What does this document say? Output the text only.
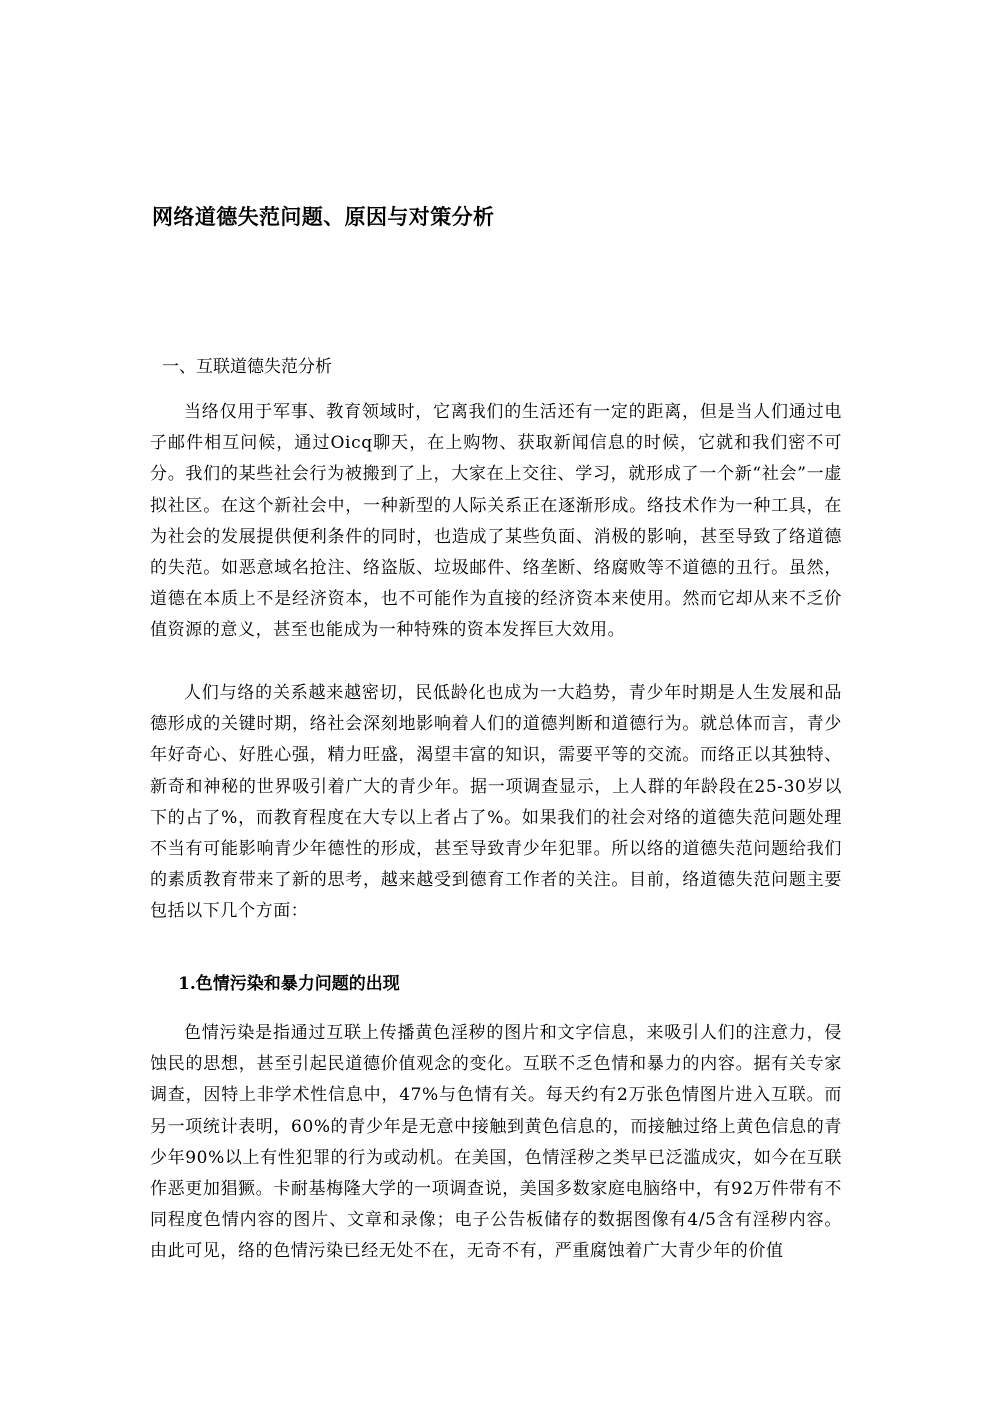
网络道德失范问题、原因与对策分析
一、互联道德失范分析

当络仅用于军事、教育领域时，它离我们的生活还有一定的距离，但是当人们通过电子邮件相互问候，通过Oicq聊天，在上购物、获取新闻信息的时候，它就和我们密不可分。我们的某些社会行为被搬到了上，大家在上交往、学习，就形成了一个新“社会”一虚拟社区。在这个新社会中，一种新型的人际关系正在逐渐形成。络技术作为一种工具，在为社会的发展提供便利条件的同时，也造成了某些负面、消极的影响，甚至导致了络道德的失范。如恶意域名抢注、络盗版、垃圾邮件、络垄断、络腐败等不道德的丑行。虽然，道德在本质上不是经济资本，也不可能作为直接的经济资本来使用。然而它却从来不乏价值资源的意义，甚至也能成为一种特殊的资本发挥巨大效用。

人们与络的关系越来越密切，民低龄化也成为一大趋势，青少年时期是人生发展和品德形成的关键时期，络社会深刻地影响着人们的道德判断和道德行为。就总体而言，青少年好奇心、好胜心强，精力旺盛，渴望丰富的知识，需要平等的交流。而络正以其独特、新奇和神秘的世界吸引着广大的青少年。据一项调查显示，上人群的年龄段在25-30岁以下的占了%，而教育程度在大专以上者占了%。如果我们的社会对络的道德失范问题处理不当有可能影响青少年德性的形成，甚至导致青少年犯罪。所以络的道德失范问题给我们的素质教育带来了新的思考，越来越受到德育工作者的关注。目前，络道德失范问题主要包括以下几个方面：

1.色情污染和暴力问题的出现

色情污染是指通过互联上传播黄色淫秽的图片和文字信息，来吸引人们的注意力，侵蚀民的思想，甚至引起民道德价值观念的变化。互联不乏色情和暴力的内容。据有关专家调查，因特上非学术性信息中，47%与色情有关。每天约有2万张色情图片进入互联。而另一项统计表明，60%的青少年是无意中接触到黄色信息的，而接触过络上黄色信息的青少年90%以上有性犯罪的行为或动机。在美国，色情淫秽之类早已泛滥成灾，如今在互联作恶更加猖獗。卡耐基梅隆大学的一项调查说，美国多数家庭电脑络中，有92万件带有不同程度色情内容的图片、文章和录像；电子公告板储存的数据图像有4/5含有淫秽内容。由此可见，络的色情污染已经无处不在，无奇不有，严重腐蚀着广大青少年的价值
